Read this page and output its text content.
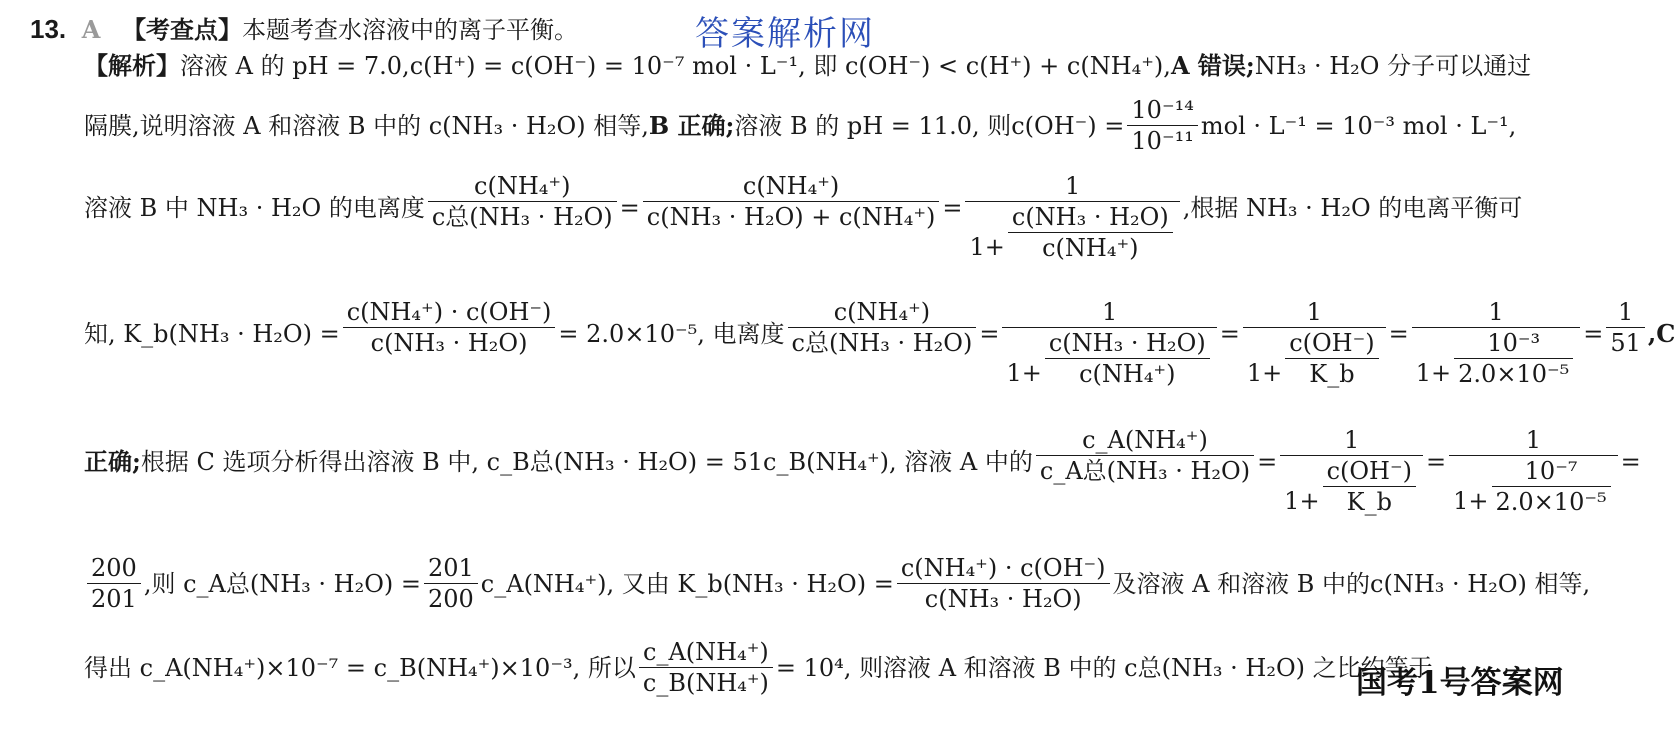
13. A 【考查点】本题考查水溶液中的离子平衡。	答案解析网
【解析】溶液 A 的 pH = 7.0,c(H⁺) = c(OH⁻) = 10⁻⁷ mol · L⁻¹, 即 c(OH⁻) < c(H⁺) + c(NH₄⁺),A 错误;NH₃ · H₂O 分子可以通过
隔膜,说明溶液 A 和溶液 B 中的 c(NH₃ · H₂O) 相等, B 正确; 溶液 B 的 pH = 11.0, 则$c(OH^-) = \frac{\text{10⁻¹⁴}}{\text{10⁻¹¹}}$ mol · L⁻¹ = 10⁻³ mol · L⁻¹,
溶液 B 中 NH₃ · H₂O 的电离度 $\frac{\text{c(NH₄⁺)}}{\text{c总(NH₃ · H₂O)}} = \frac{\text{c(NH₄⁺)}}{\text{c(NH₃ · H₂O) + c(NH₄⁺)}} = \frac{1}{1+ \frac{\text{c(NH₃ · H₂O)}}{\text{c(NH₄⁺)}}}$ ,根据 NH₃ · H₂O 的电离平衡可
知, K_b(NH₃ · $H_2O) = \frac{\text{c(NH₄⁺) · c(OH⁻)}}{\text{c(NH₃ · H₂O)}} = 2.0\times 10^{-5}$, 电离度 $\frac{\text{c(NH₄⁺)}}{\text{c总(NH₃ · H₂O)}} = \frac{1}{1+ \frac{\text{c(NH₃ · H₂O)}}{\text{c(NH₄⁺)}}} = \frac{1}{1+ \frac{c(OH^-)}{K\_b}} = \frac{1}{1+ \frac{\text{10⁻³}}{\text{2.0×10⁻⁵}}} = \frac{1}{51} ,C$
正确; 根据 C 选项分析得出溶液 B 中, c_B总(NH₃ · H₂O) = 51c_B(NH₄⁺), 溶液 A 中的 $\frac{\text{c\_A(NH₄⁺)}}{\text{c\_A总(NH₃ · H₂O)}} = \frac{1}{1+ \frac{c(OH^-)}{K\_b}} = \frac{1}{1+ \frac{\text{10⁻⁷}}{\text{2.0×10⁻⁵}}}$ =
$\frac{200}{201}$ ,则 c_A总$(NH_3 \cdot H_2O) = \frac{201}{200}$ c_A(NH₄⁺), 又由 K_b(NH₃ · $H_2O) = \frac{\text{c(NH₄⁺) · c(OH⁻)}}{\text{c(NH₃ · H₂O)}}$ 及溶液 A 和溶液 B 中的c(NH₃ · H₂O) 相等,
得出 c_A(NH₄⁺)×10⁻⁷ = c_B(NH₄⁺)×10⁻³, 所以 $\frac{\text{c\_A(NH₄⁺)}}{\text{c\_B(NH₄⁺)}} = 10^4$, 则溶液 A 和溶液 B 中的 c总(NH₃ · H₂O) 之比约等于
国考1号答案网
